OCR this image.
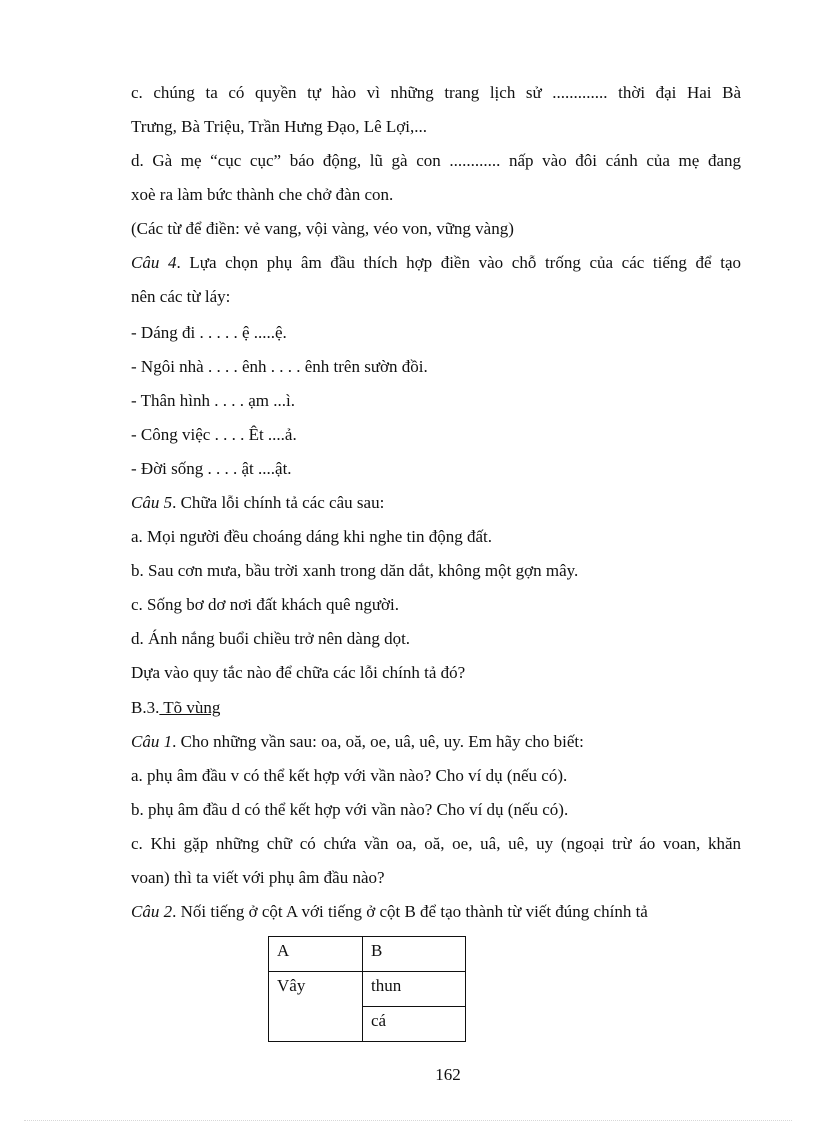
c. chúng ta có quyền tự hào vì những trang lịch sử ............. thời đại Hai Bà
Trưng, Bà Triệu, Trần Hưng Đạo, Lê Lợi,...
d. Gà mẹ “cục cục” báo động, lũ gà con ............ nấp vào đôi cánh của mẹ đang
xoè ra làm bức thành che chở đàn con.
(Các từ để điền: vẻ vang, vội vàng, véo von, vững vàng)
Câu 4. Lựa chọn phụ âm đầu thích hợp điền vào chỗ trống của các tiếng để tạo
nên các từ láy:
- Dáng đi . . . . . ệ .....ệ.
- Ngôi nhà . . . . ênh . . . . ênh trên sườn đồi.
- Thân hình . . . . ạm ...ì.
- Công việc . . . . Êt ....ả.
- Đời sống . . . . ật ....ật.
Câu 5. Chữa lỗi chính tả các câu sau:
a. Mọi người đều choáng dáng khi nghe tin động đất.
b. Sau cơn mưa, bầu trời xanh trong dăn dắt, không một gợn mây.
c. Sống bơ dơ nơi đất khách quê người.
d. Ánh nắng buổi chiều trở nên dàng dọt.
Dựa vào quy tắc nào để chữa các lỗi chính tả đó?
B.3. Tõ vùng
Câu 1. Cho những vần sau: oa, oă, oe, uâ, uê, uy. Em hãy cho biết:
a. phụ âm đầu v có thể kết hợp với vần nào? Cho ví dụ (nếu có).
b. phụ âm đầu d có thể kết hợp với vần nào? Cho ví dụ (nếu có).
c. Khi gặp những chữ có chứa vần oa, oă, oe, uâ, uê, uy (ngoại trừ áo voan, khăn
voan) thì ta viết với phụ âm đầu nào?
Câu 2. Nối tiếng ở cột A với tiếng ở cột B để tạo thành từ viết đúng chính tả
A	B
Vây	thun
	cá
162
